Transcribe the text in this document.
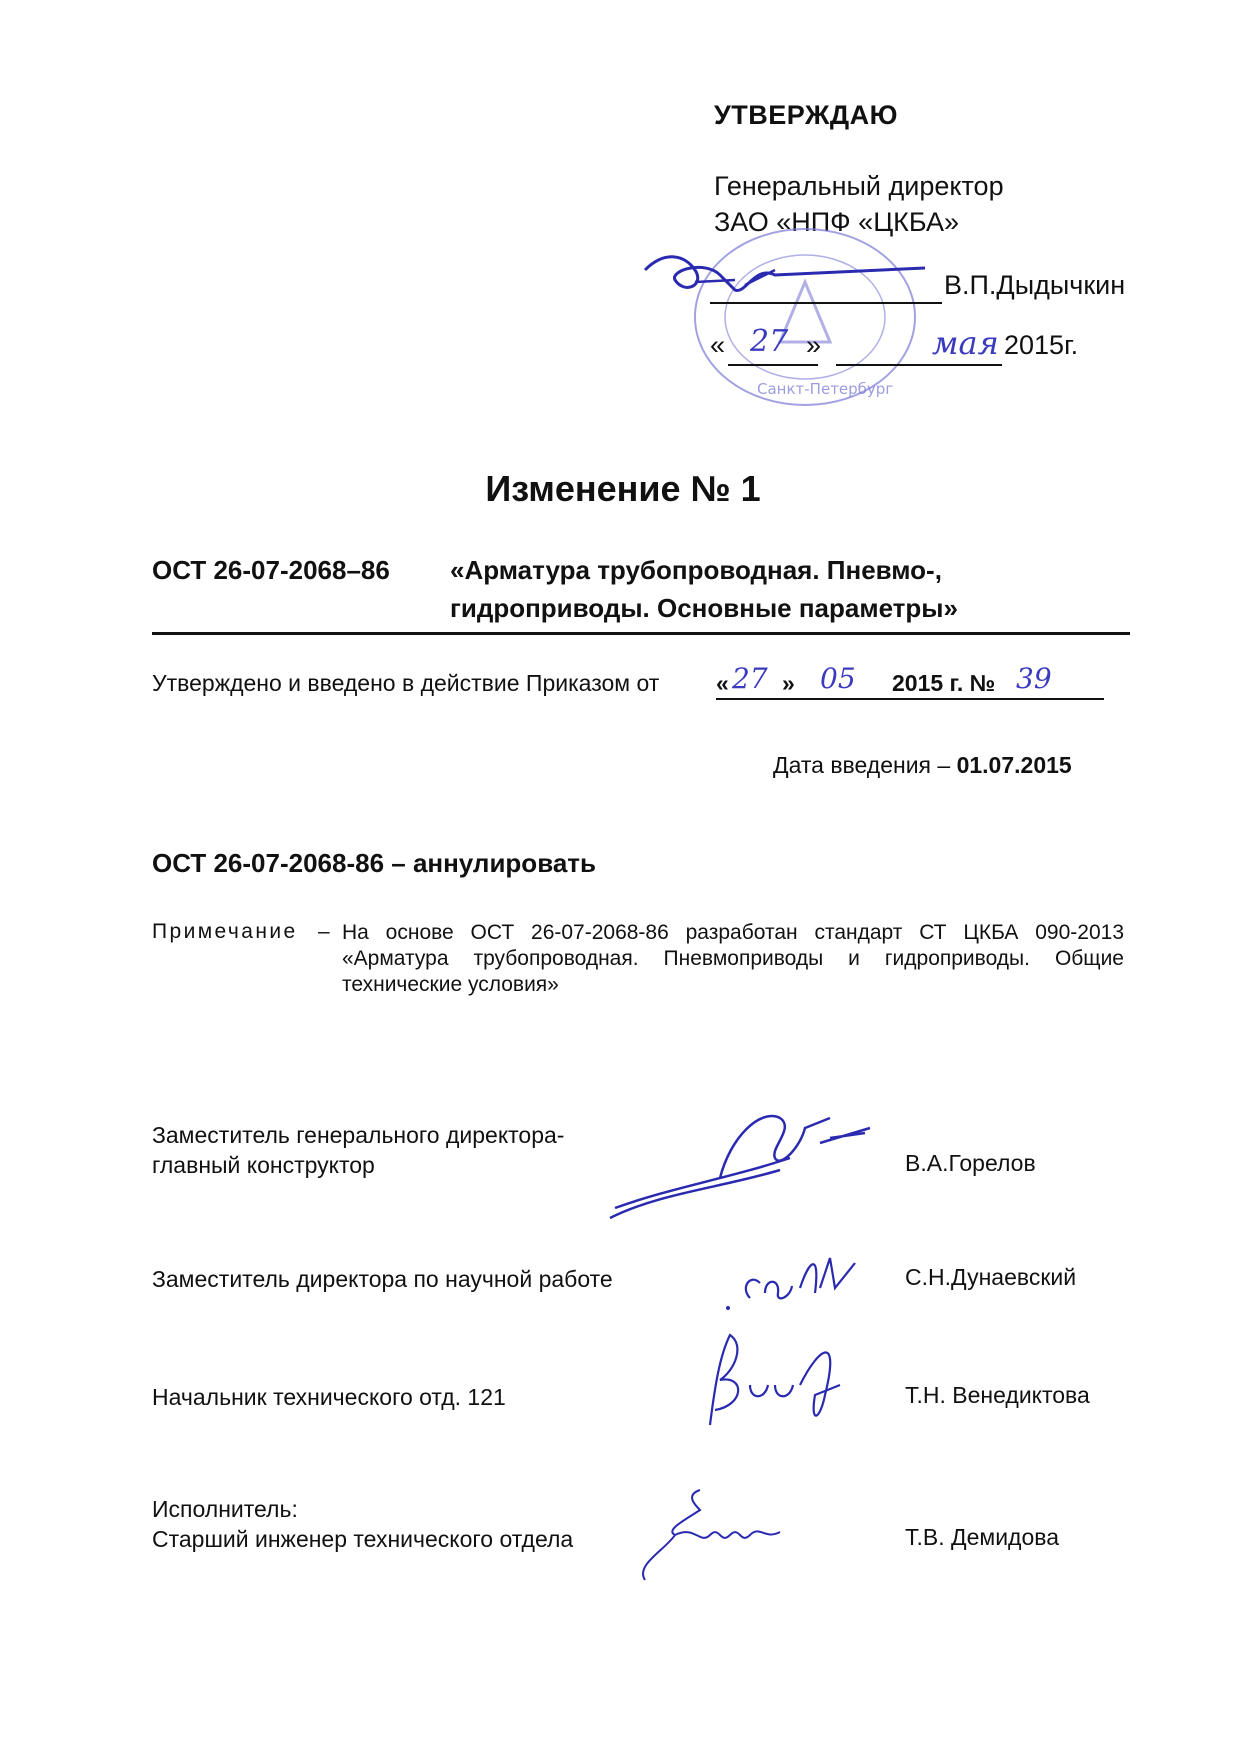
УТВЕРЖДАЮ
Генеральный директор
ЗАО «НПФ «ЦКБА»
Санкт-Петербург
В.П.Дыдычкин
« 27 »	мая 2015г.
Изменение № 1
ОСТ 26-07-2068–86 «Арматура трубопроводная. Пневмо-,
гидроприводы. Основные параметры»
Утверждено и введено в действие Приказом от « 27 » 05 2015 г. № 39
Дата введения – 01.07.2015
ОСТ 26-07-2068-86 – аннулировать
Примечание – На основе ОСТ 26-07-2068-86 разработан стандарт СТ ЦКБА 090-2013
«Арматура трубопроводная. Пневмоприводы и гидроприводы. Общие
технические условия»
Заместитель генерального директора-
главный конструктор	В.А.Горелов
Заместитель директора по научной работе	С.Н.Дунаевский
Начальник технического отд. 121	Т.Н. Венедиктова
Исполнитель:
Старший инженер технического отдела	Т.В. Демидова
